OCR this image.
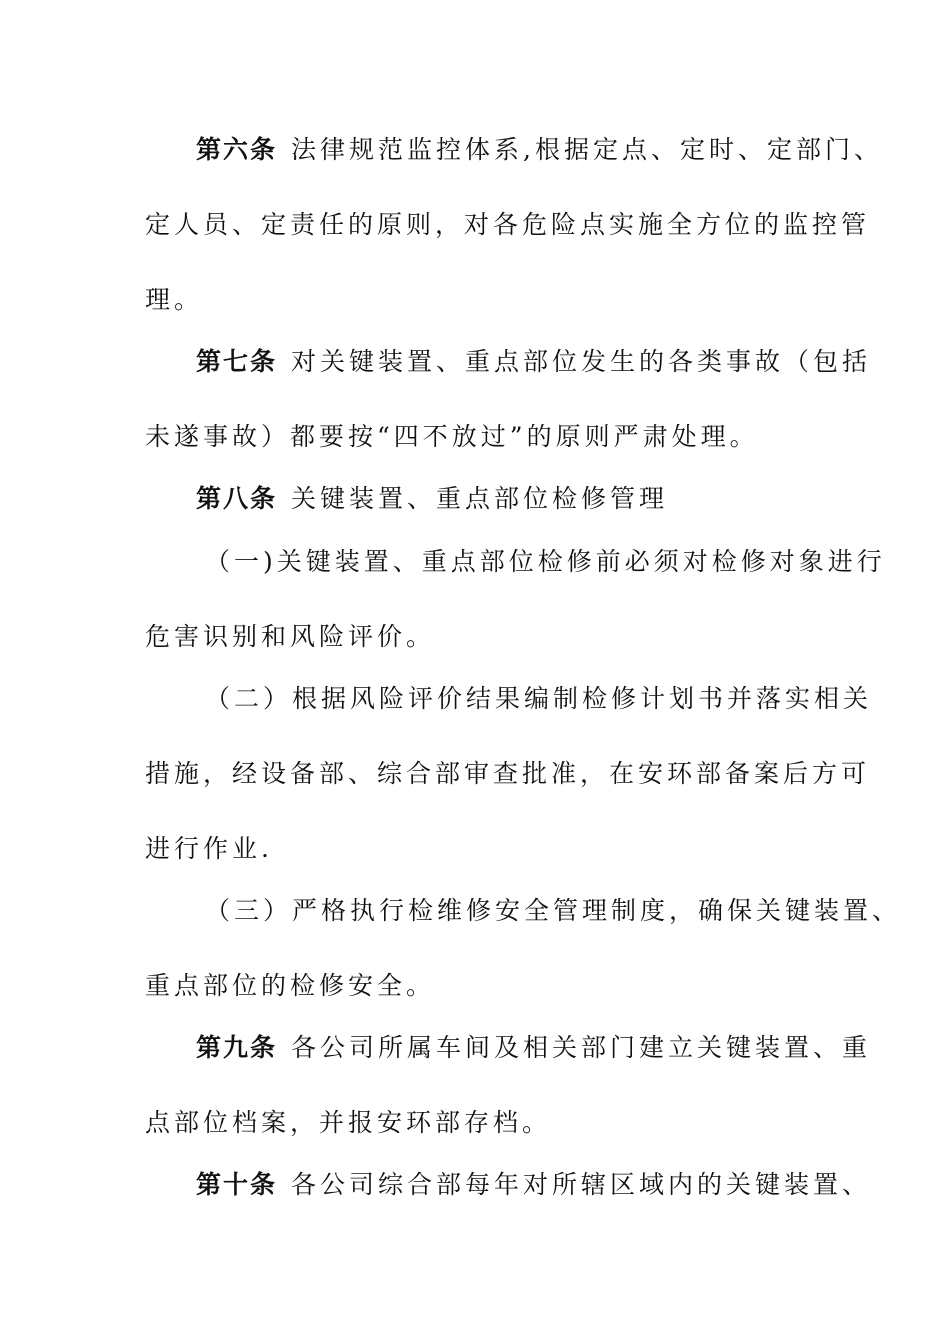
第六条 法律规范监控体系,根据定点、定时、定部门、
定人员、定责任的原则，对各危险点实施全方位的监控管
理。
第七条 对关键装置、重点部位发生的各类事故（包括
未遂事故）都要按“四不放过”的原则严肃处理。
第八条 关键装置、重点部位检修管理
（一)关键装置、重点部位检修前必须对检修对象进行
危害识别和风险评价。
（二）根据风险评价结果编制检修计划书并落实相关
措施，经设备部、综合部审查批准，在安环部备案后方可
进行作业.
（三）严格执行检维修安全管理制度，确保关键装置、
重点部位的检修安全。
第九条 各公司所属车间及相关部门建立关键装置、重
点部位档案，并报安环部存档。
第十条 各公司综合部每年对所辖区域内的关键装置、
